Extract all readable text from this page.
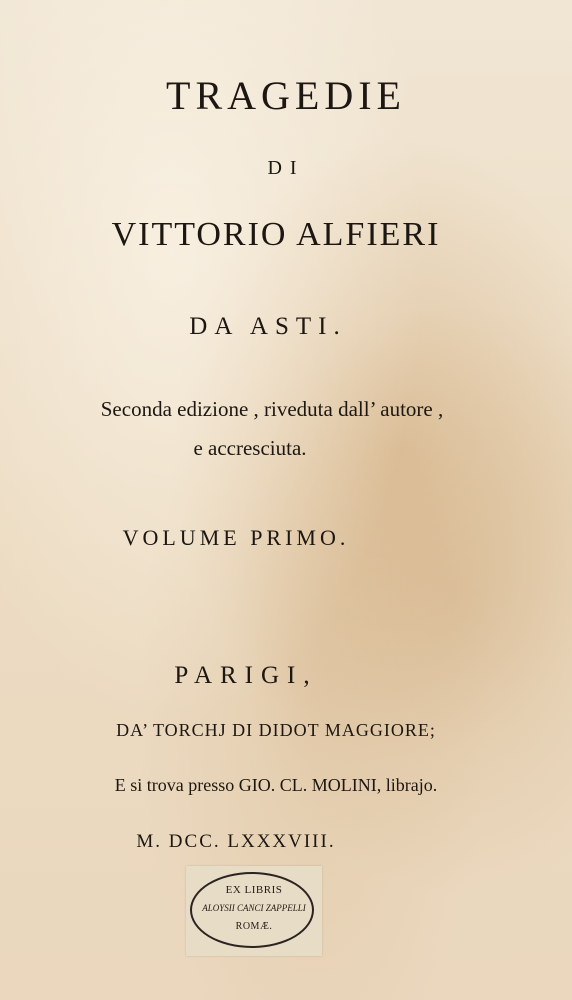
TRAGEDIE
DI
VITTORIO ALFIERI
DA ASTI.
Seconda edizione , riveduta dall’ autore ,
e accresciuta.
VOLUME PRIMO.
PARIGI,
DA’ TORCHJ DI DIDOT MAGGIORE;
E si trova presso GIO. CL. MOLINI, librajo.
M. DCC. LXXXVIII.
EX LIBRIS
ALOYSII CANCI ZAPPELLI
ROMÆ.
